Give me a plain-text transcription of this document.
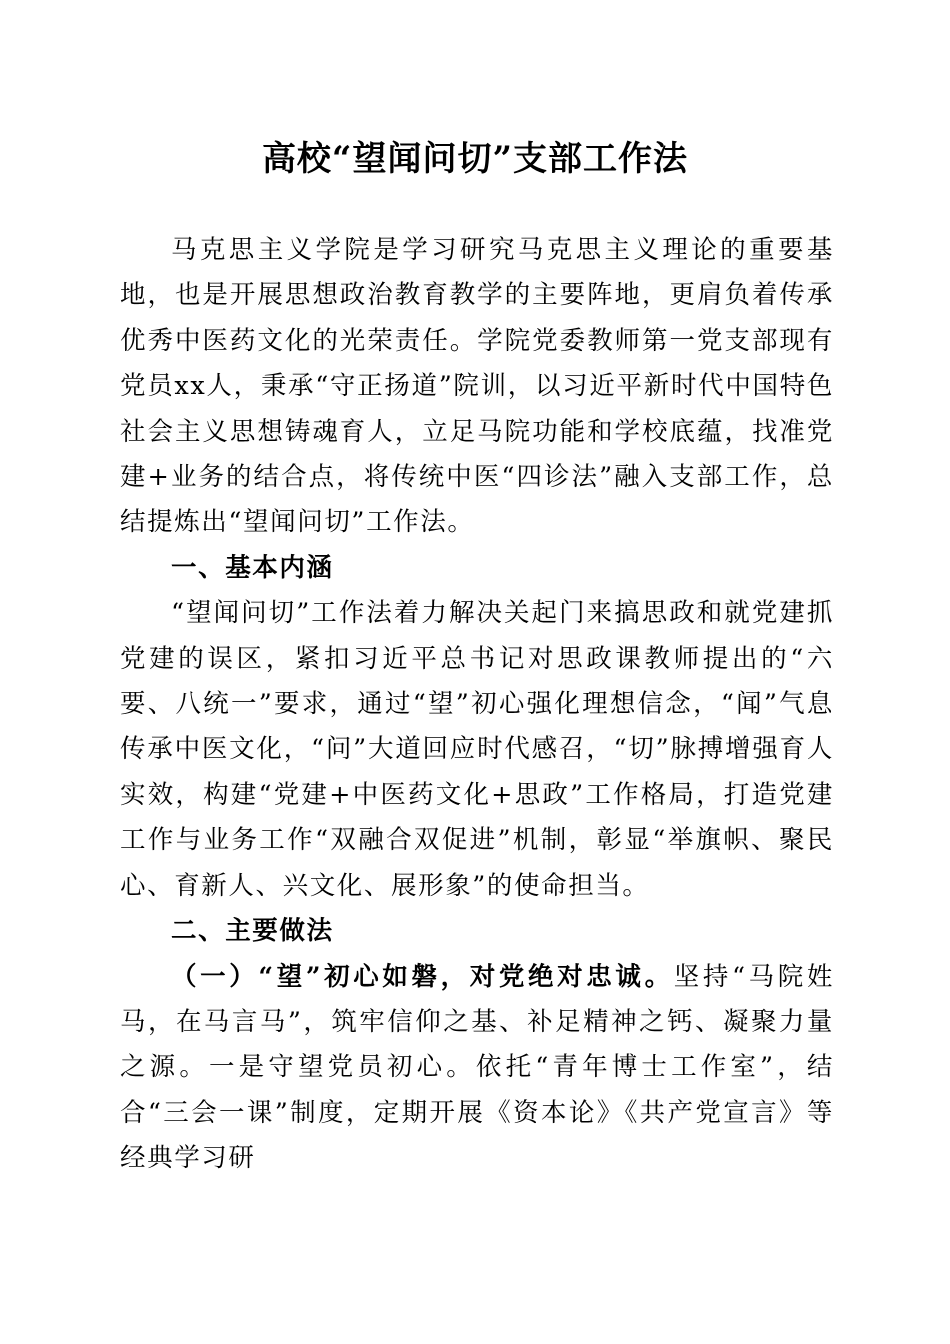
高校“望闻问切”支部工作法

马克思主义学院是学习研究马克思主义理论的重要基地，也是开展思想政治教育教学的主要阵地，更肩负着传承优秀中医药文化的光荣责任。学院党委教师第一党支部现有党员xx人，秉承“守正扬道”院训，以习近平新时代中国特色社会主义思想铸魂育人，立足马院功能和学校底蕴，找准党建+业务的结合点，将传统中医“四诊法”融入支部工作，总结提炼出“望闻问切”工作法。

一、基本内涵

“望闻问切”工作法着力解决关起门来搞思政和就党建抓党建的误区，紧扣习近平总书记对思政课教师提出的“六要、八统一”要求，通过“望”初心强化理想信念，“闻”气息传承中医文化，“问”大道回应时代感召，“切”脉搏增强育人实效，构建“党建+中医药文化+思政”工作格局，打造党建工作与业务工作“双融合双促进”机制，彰显“举旗帜、聚民心、育新人、兴文化、展形象”的使命担当。

二、主要做法

（一）“望”初心如磐，对党绝对忠诚。坚持“马院姓马，在马言马”，筑牢信仰之基、补足精神之钙、凝聚力量之源。一是守望党员初心。依托“青年博士工作室”，结合“三会一课”制度，定期开展《资本论》《共产党宣言》等经典学习研
